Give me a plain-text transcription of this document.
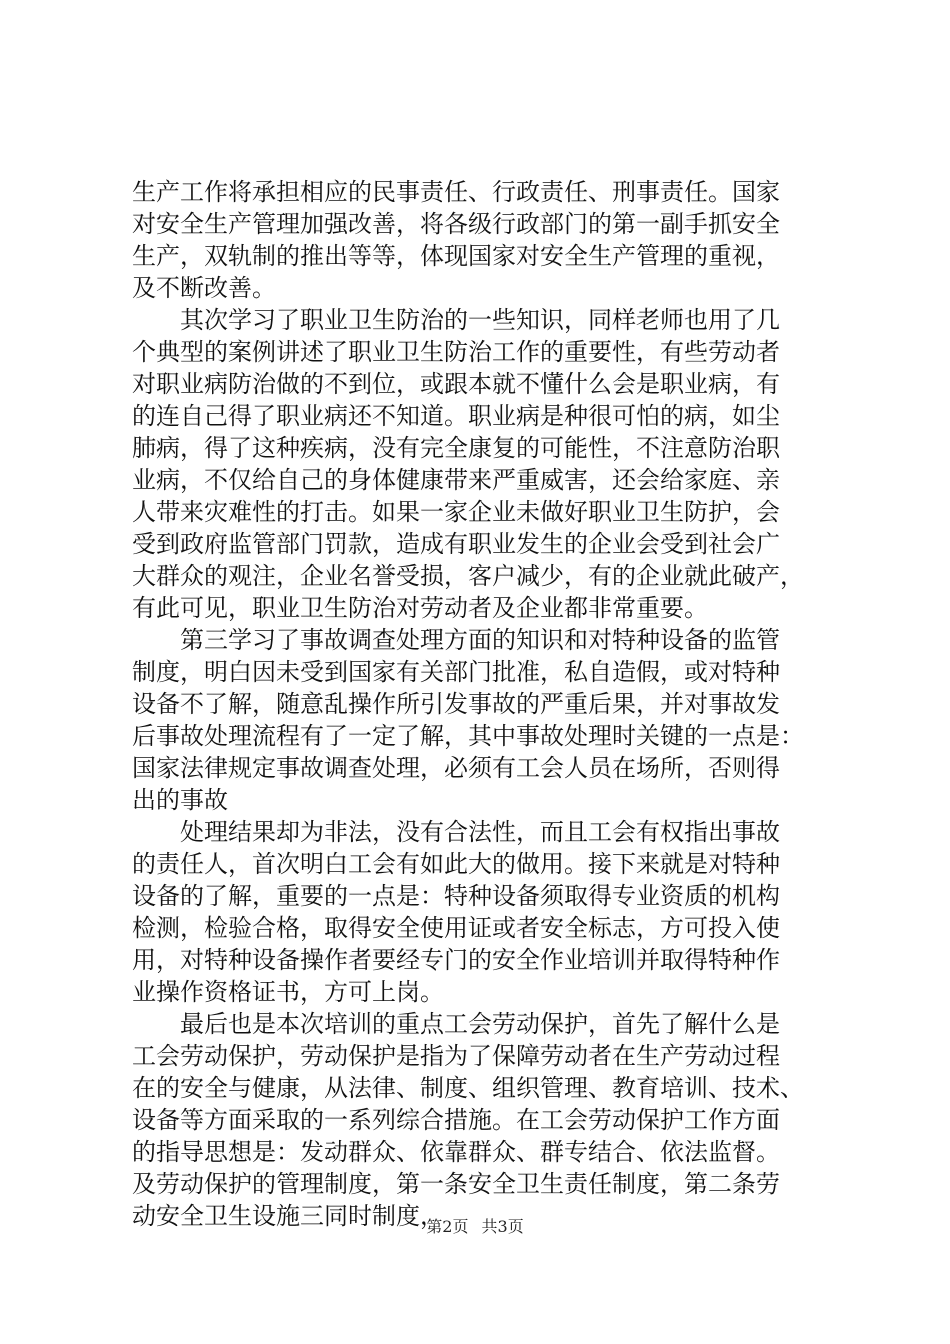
生产工作将承担相应的民事责任、行政责任、刑事责任。国家
对安全生产管理加强改善，将各级行政部门的第一副手抓安全
生产，双轨制的推出等等，体现国家对安全生产管理的重视，
及不断改善。
其次学习了职业卫生防治的一些知识，同样老师也用了几
个典型的案例讲述了职业卫生防治工作的重要性，有些劳动者
对职业病防治做的不到位，或跟本就不懂什么会是职业病，有
的连自己得了职业病还不知道。职业病是种很可怕的病，如尘
肺病，得了这种疾病，没有完全康复的可能性，不注意防治职
业病，不仅给自己的身体健康带来严重威害，还会给家庭、亲
人带来灾难性的打击。如果一家企业未做好职业卫生防护，会
受到政府监管部门罚款，造成有职业发生的企业会受到社会广
大群众的观注，企业名誉受损，客户减少，有的企业就此破产，
有此可见，职业卫生防治对劳动者及企业都非常重要。
第三学习了事故调查处理方面的知识和对特种设备的监管
制度，明白因未受到国家有关部门批准，私自造假，或对特种
设备不了解，随意乱操作所引发事故的严重后果，并对事故发
后事故处理流程有了一定了解，其中事故处理时关键的一点是：
国家法律规定事故调查处理，必须有工会人员在场所，否则得
出的事故
处理结果却为非法，没有合法性，而且工会有权指出事故
的责任人，首次明白工会有如此大的做用。接下来就是对特种
设备的了解，重要的一点是：特种设备须取得专业资质的机构
检测，检验合格，取得安全使用证或者安全标志，方可投入使
用，对特种设备操作者要经专门的安全作业培训并取得特种作
业操作资格证书，方可上岗。
最后也是本次培训的重点工会劳动保护，首先了解什么是
工会劳动保护，劳动保护是指为了保障劳动者在生产劳动过程
在的安全与健康，从法律、制度、组织管理、教育培训、技术、
设备等方面采取的一系列综合措施。在工会劳动保护工作方面
的指导思想是：发动群众、依靠群众、群专结合、依法监督。
及劳动保护的管理制度，第一条安全卫生责任制度，第二条劳
动安全卫生设施三同时制度，
第2页 共3页
